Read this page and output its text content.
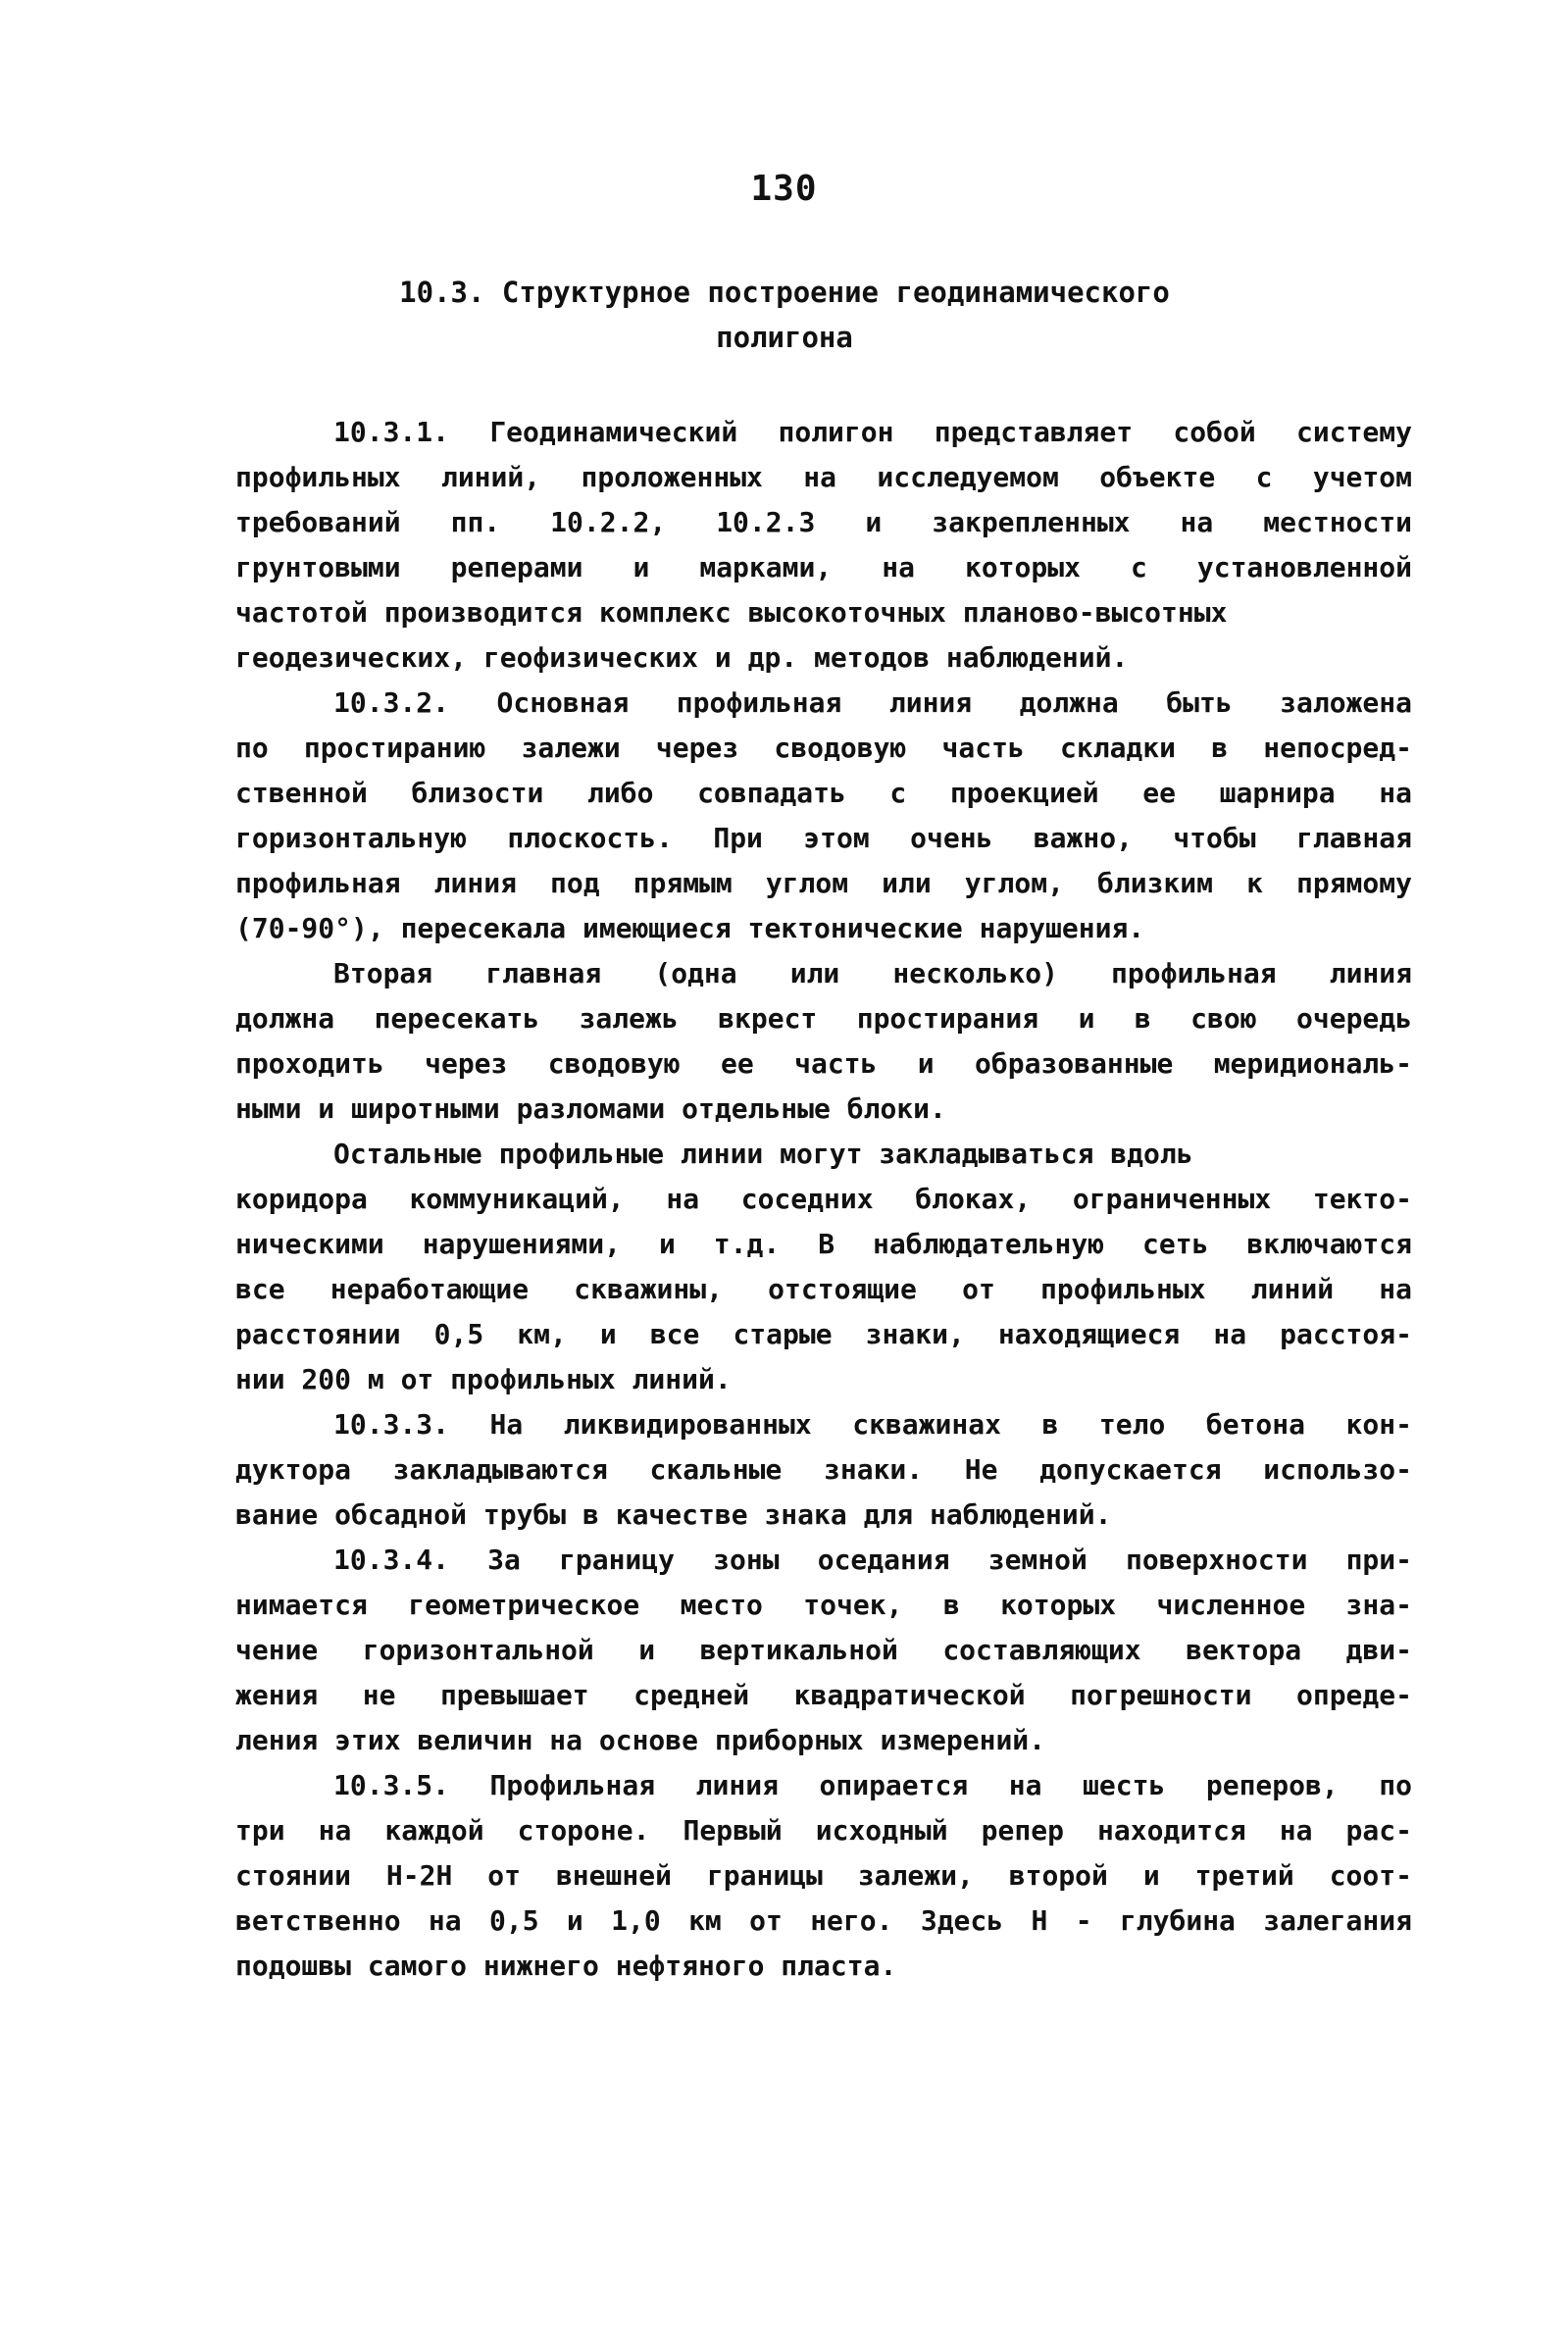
130
10.3. Структурное построение геодинамического
полигона
10.3.1. Геодинамический полигон представляет собой систему
профильных линий, проложенных на исследуемом объекте с учетом
требований пп. 10.2.2, 10.2.3 и закрепленных на местности
грунтовыми реперами и марками, на которых с установленной
частотой производится комплекс высокоточных планово-высотных
геодезических, геофизических и др. методов наблюдений.
10.3.2. Основная профильная линия должна быть заложена
по простиранию залежи через сводовую часть складки в непосред-
ственной близости либо совпадать с проекцией ее шарнира на
горизонтальную плоскость. При этом очень важно, чтобы главная
профильная линия под прямым углом или углом, близким к прямому
(70-90°), пересекала имеющиеся тектонические нарушения.
Вторая главная (одна или несколько) профильная линия
должна пересекать залежь вкрест простирания и в свою очередь
проходить через сводовую ее часть и образованные меридиональ-
ными и широтными разломами отдельные блоки.
Остальные профильные линии могут закладываться вдоль
коридора коммуникаций, на соседних блоках, ограниченных текто-
ническими нарушениями, и т.д. В наблюдательную сеть включаются
все неработающие скважины, отстоящие от профильных линий на
расстоянии 0,5 км, и все старые знаки, находящиеся на расстоя-
нии 200 м от профильных линий.
10.3.3. На ликвидированных скважинах в тело бетона кон-
дуктора закладываются скальные знаки. Не допускается использо-
вание обсадной трубы в качестве знака для наблюдений.
10.3.4. За границу зоны оседания земной поверхности при-
нимается геометрическое место точек, в которых численное зна-
чение горизонтальной и вертикальной составляющих вектора дви-
жения не превышает средней квадратической погрешности опреде-
ления этих величин на основе приборных измерений.
10.3.5. Профильная линия опирается на шесть реперов, по
три на каждой стороне. Первый исходный репер находится на рас-
стоянии Н-2Н от внешней границы залежи, второй и третий соот-
ветственно на 0,5 и 1,0 км от него. Здесь Н - глубина залегания
подошвы самого нижнего нефтяного пласта.
